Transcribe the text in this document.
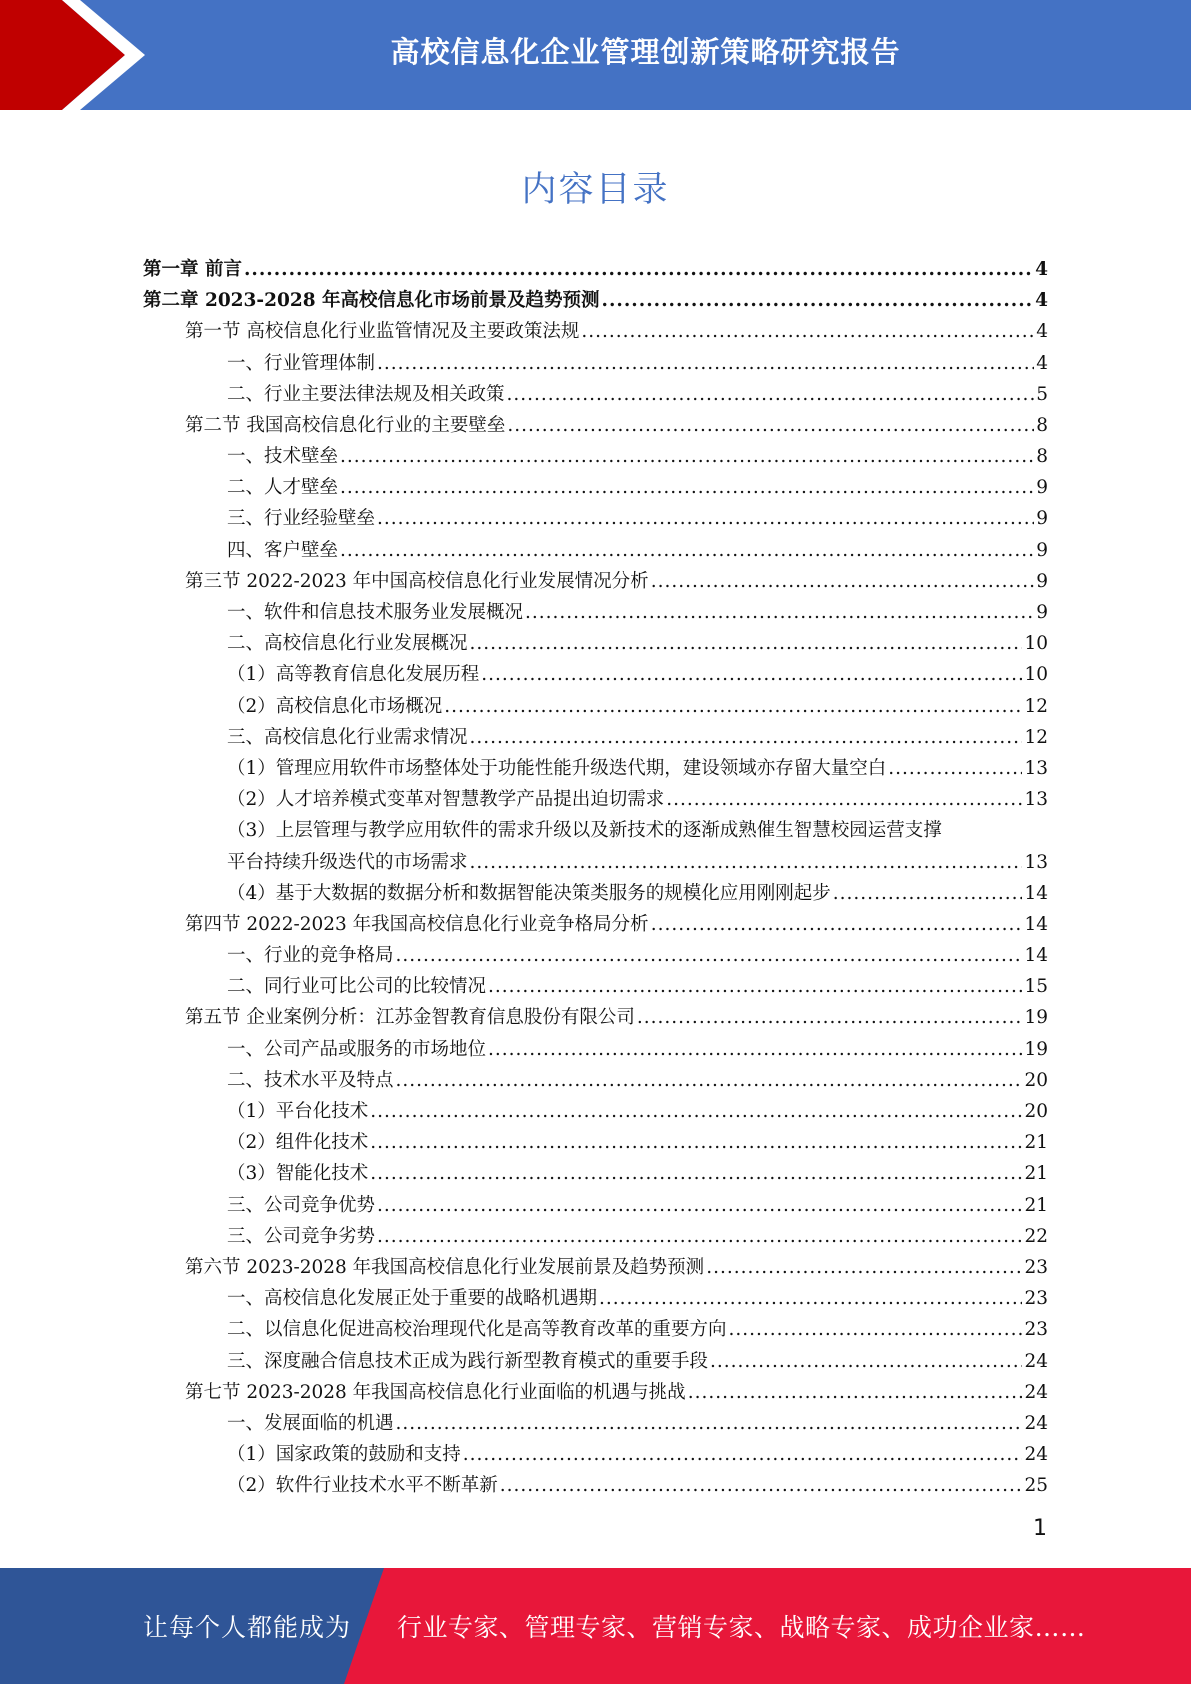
高校信息化企业管理创新策略研究报告
内容目录
第一章 前言 .....	4
第二章 2023-2028 年高校信息化市场前景及趋势预测 .....	4
第一节 高校信息化行业监管情况及主要政策法规 .....	4
一、行业管理体制 .....	4
二、行业主要法律法规及相关政策 .....	5
第二节 我国高校信息化行业的主要壁垒 .....	8
一、技术壁垒 .....	8
二、人才壁垒 .....	9
三、行业经验壁垒 .....	9
四、客户壁垒 .....	9
第三节 2022-2023 年中国高校信息化行业发展情况分析 .....	9
一、软件和信息技术服务业发展概况 .....	9
二、高校信息化行业发展概况 .....	10
（1）高等教育信息化发展历程 .....	10
（2）高校信息化市场概况 .....	12
三、高校信息化行业需求情况 .....	12
（1）管理应用软件市场整体处于功能性能升级迭代期，建设领域亦存留大量空白 .....	13
（2）人才培养模式变革对智慧教学产品提出迫切需求 .....	13
（3）上层管理与教学应用软件的需求升级以及新技术的逐渐成熟催生智慧校园运营支撑
平台持续升级迭代的市场需求 .....	13
（4）基于大数据的数据分析和数据智能决策类服务的规模化应用刚刚起步 .....	14
第四节 2022-2023 年我国高校信息化行业竞争格局分析 .....	14
一、行业的竞争格局 .....	14
二、同行业可比公司的比较情况 .....	15
第五节 企业案例分析：江苏金智教育信息股份有限公司 .....	19
一、公司产品或服务的市场地位 .....	19
二、技术水平及特点 .....	20
（1）平台化技术 .....	20
（2）组件化技术 .....	21
（3）智能化技术 .....	21
三、公司竞争优势 .....	21
三、公司竞争劣势 .....	22
第六节 2023-2028 年我国高校信息化行业发展前景及趋势预测 .....	23
一、高校信息化发展正处于重要的战略机遇期 .....	23
二、以信息化促进高校治理现代化是高等教育改革的重要方向 .....	23
三、深度融合信息技术正成为践行新型教育模式的重要手段 .....	24
第七节 2023-2028 年我国高校信息化行业面临的机遇与挑战 .....	24
一、发展面临的机遇 .....	24
（1）国家政策的鼓励和支持 .....	24
（2）软件行业技术水平不断革新 .....	25
1
让每个人都能成为 行业专家、管理专家、营销专家、战略专家、成功企业家……
